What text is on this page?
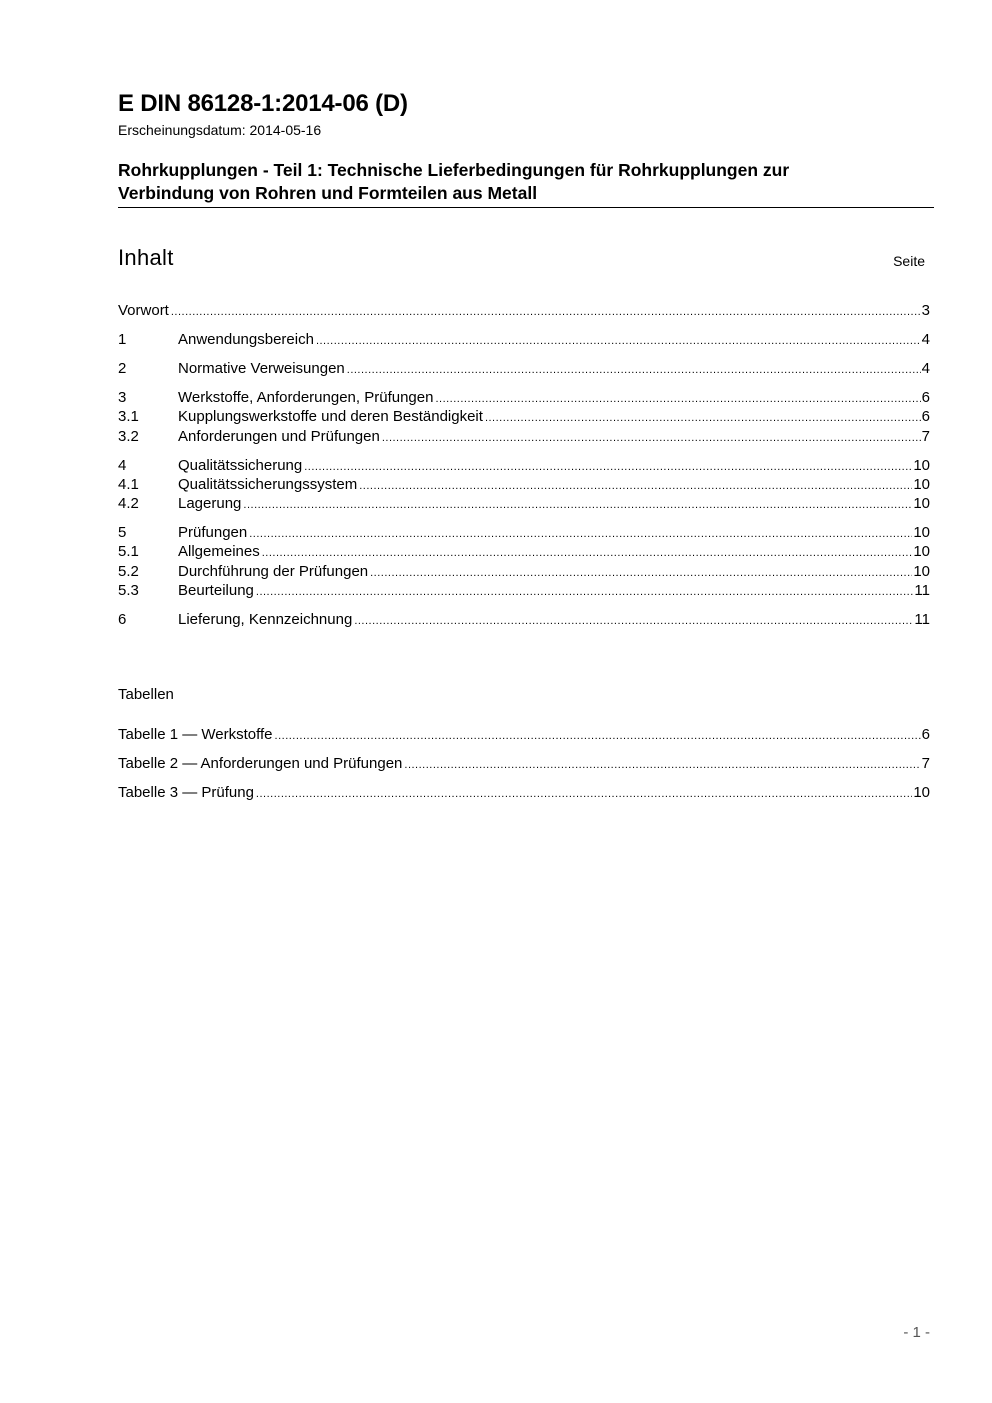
E DIN 86128-1:2014-06 (D)
Erscheinungsdatum: 2014-05-16
Rohrkupplungen - Teil 1: Technische Lieferbedingungen für Rohrkupplungen zur
Verbindung von Rohren und Formteilen aus Metall
Inhalt	Seite
Vorwort .....	3
1	Anwendungsbereich .....	4
2	Normative Verweisungen .....	4
3	Werkstoffe, Anforderungen, Prüfungen .....	6
3.1	Kupplungswerkstoffe und deren Beständigkeit .....	6
3.2	Anforderungen und Prüfungen .....	7
4	Qualitätssicherung .....	10
4.1	Qualitätssicherungssystem .....	10
4.2	Lagerung .....	10
5	Prüfungen .....	10
5.1	Allgemeines .....	10
5.2	Durchführung der Prüfungen .....	10
5.3	Beurteilung .....	11
6	Lieferung, Kennzeichnung .....	11
Tabellen
Tabelle 1 — Werkstoffe .....	6
Tabelle 2 — Anforderungen und Prüfungen .....	7
Tabelle 3 — Prüfung .....	10
- 1 -
